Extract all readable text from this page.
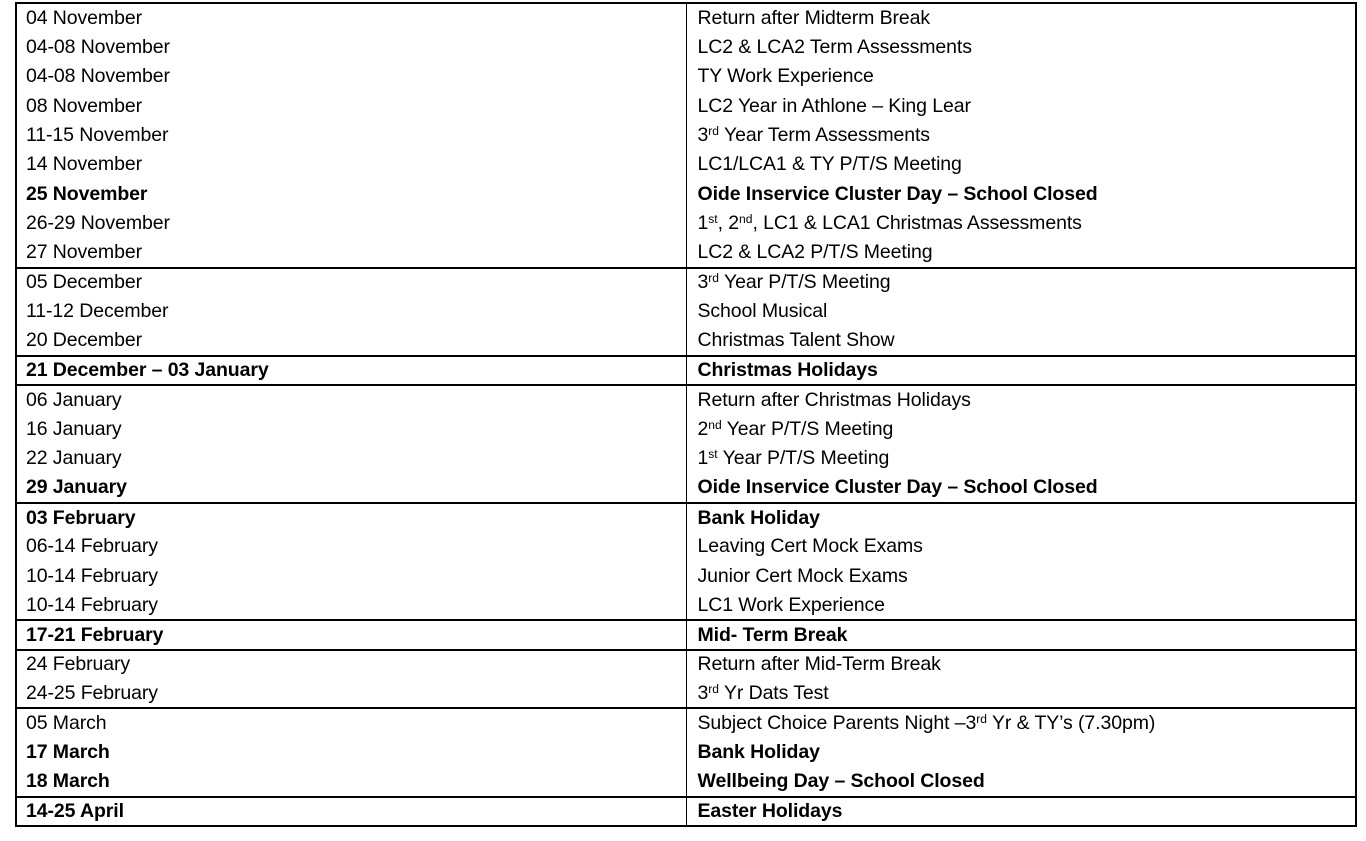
04 November	Return after Midterm Break
04-08 November	LC2 & LCA2 Term Assessments
04-08 November	TY Work Experience
08 November	LC2 Year in Athlone – King Lear
11-15 November	3rd Year Term Assessments
14 November	LC1/LCA1 & TY P/T/S Meeting
25 November	Oide Inservice Cluster Day – School Closed
26-29 November	1st, 2nd, LC1 & LCA1 Christmas Assessments
27 November	LC2 & LCA2 P/T/S Meeting
05 December	3rd Year P/T/S Meeting
11-12 December	School Musical
20 December	Christmas Talent Show
21 December – 03 January	Christmas Holidays
06 January	Return after Christmas Holidays
16 January	2nd Year P/T/S Meeting
22 January	1st Year P/T/S Meeting
29 January	Oide Inservice Cluster Day – School Closed
03 February	Bank Holiday
06-14 February	Leaving Cert Mock Exams
10-14 February	Junior Cert Mock Exams
10-14 February	LC1 Work Experience
17-21 February	Mid- Term Break
24 February	Return after Mid-Term Break
24-25 February	3rd Yr Dats Test
05 March	Subject Choice Parents Night –3rd Yr & TY’s (7.30pm)
17 March	Bank Holiday
18 March	Wellbeing Day – School Closed
14-25 April	Easter Holidays
